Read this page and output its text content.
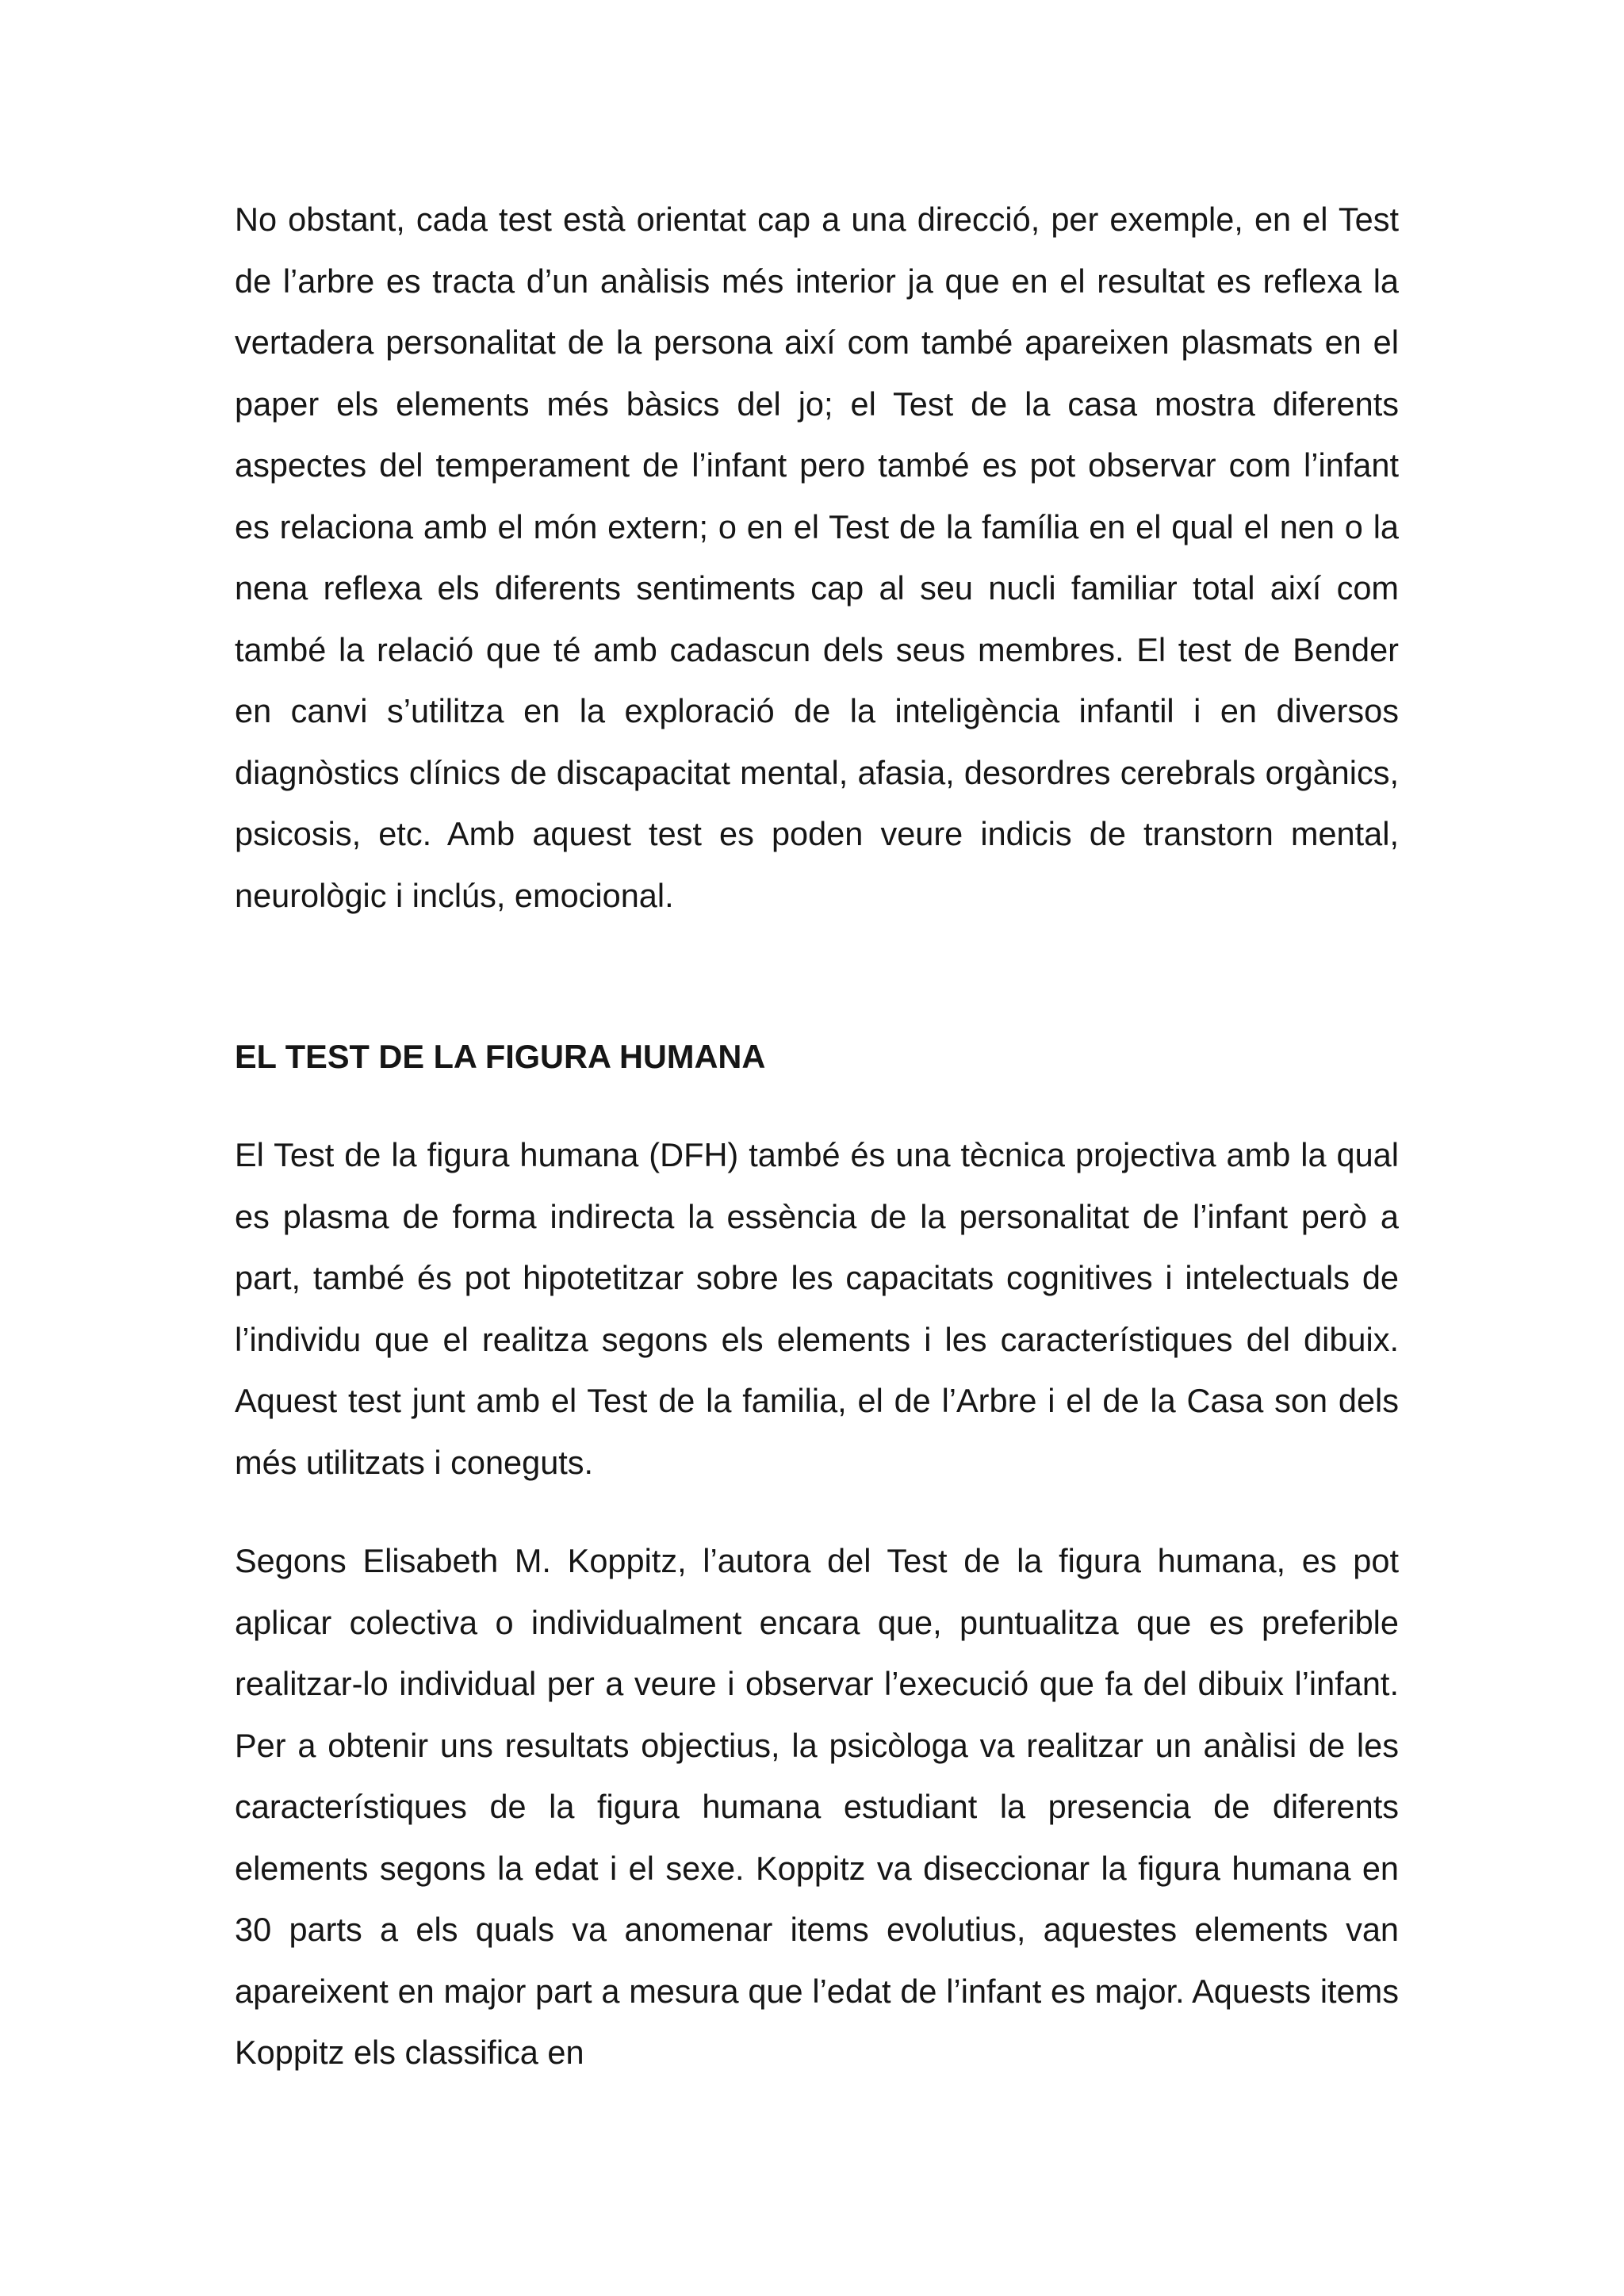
No obstant, cada test està orientat cap a una direcció, per exemple, en el Test de l’arbre es tracta d’un anàlisis més interior ja que en el resultat es reflexa la vertadera personalitat de la persona així com també apareixen plasmats en el paper els elements més bàsics del jo; el Test de la casa mostra diferents aspectes del temperament de l’infant pero també es pot observar com l’infant es relaciona amb el món extern; o en el Test de la família en el qual el nen o la nena reflexa els diferents sentiments cap al seu nucli familiar total així com també la relació que té amb cadascun dels seus membres. El test de Bender en canvi s’utilitza en la exploració de la inteligència infantil i en diversos diagnòstics clínics de discapacitat mental, afasia, desordres cerebrals orgànics, psicosis, etc. Amb aquest test es poden veure indicis de transtorn mental, neurològic i inclús, emocional.

EL TEST DE LA FIGURA HUMANA

El Test de la figura humana (DFH) també és una tècnica projectiva amb la qual es plasma de forma indirecta la essència de la personalitat de l’infant però a part, també és pot hipotetitzar sobre les capacitats cognitives i intelectuals de l’individu que el realitza segons els elements i les característiques del dibuix. Aquest test junt amb el Test de la familia, el de l’Arbre i el de la Casa son dels més utilitzats i coneguts.

Segons Elisabeth M. Koppitz, l’autora del Test de la figura humana, es pot aplicar colectiva o individualment encara que, puntualitza que es preferible realitzar-lo individual per a veure i observar l’execució que fa del dibuix l’infant. Per a obtenir uns resultats objectius, la psicòloga va realitzar un anàlisi de les característiques de la figura humana estudiant la presencia de diferents elements segons la edat i el sexe. Koppitz va diseccionar la figura humana en 30 parts a els quals va anomenar items evolutius, aquestes elements van apareixent en major part a mesura que l’edat de l’infant es major. Aquests items Koppitz els classifica en
